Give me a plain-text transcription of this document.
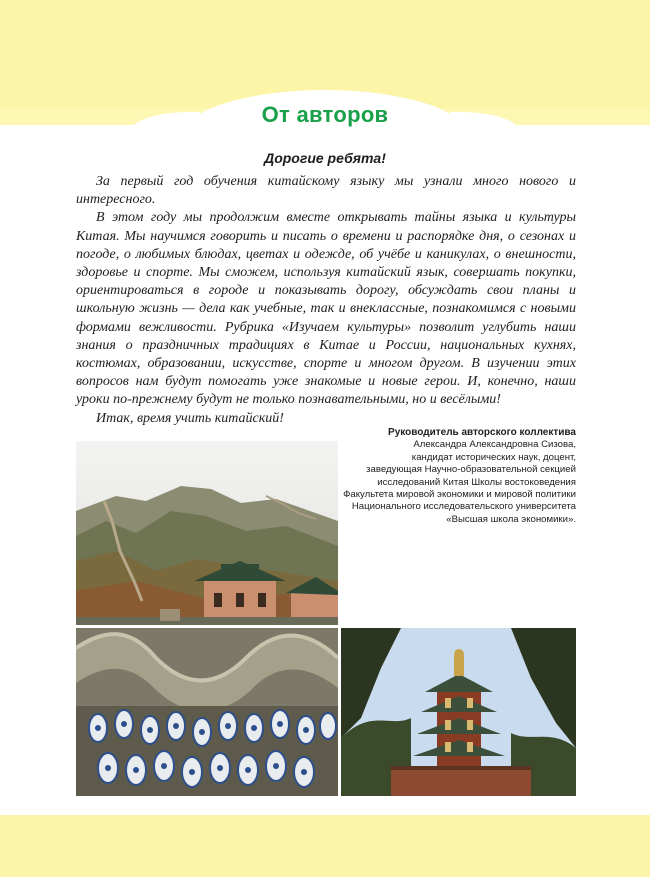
От авторов
Дорогие ребята!

За первый год обучения китайскому языку мы узнали много нового и интересного.

В этом году мы продолжим вместе открывать тайны языка и культуры Китая. Мы научимся говорить и писать о времени и распорядке дня, о сезонах и погоде, о любимых блюдах, цветах и одежде, об учёбе и каникулах, о внешности, здоровье и спорте. Мы сможем, используя китайский язык, совершать покупки, ориентироваться в городе и показывать дорогу, обсуждать свои планы и школьную жизнь — дела как учебные, так и внеклассные, познакомимся с новыми формами вежливости. Рубрика «Изучаем культуры» позволит углубить наши знания о праздничных традициях в Китае и России, национальных кухнях, костюмах, образовании, искусстве, спорте и многом другом. В изучении этих вопросов нам будут помогать уже знакомые и новые герои. И, конечно, наши уроки по-прежнему будут не только познавательными, но и весёлыми!

Итак, время учить китайский!

Руководитель авторского коллектива
Александра Александровна Сизова,
кандидат исторических наук, доцент,
заведующая Научно-образовательной секцией исследований Китая Школы востоковедения Факультета мировой экономики и мировой политики Национального исследовательского университета «Высшая школа экономики».
